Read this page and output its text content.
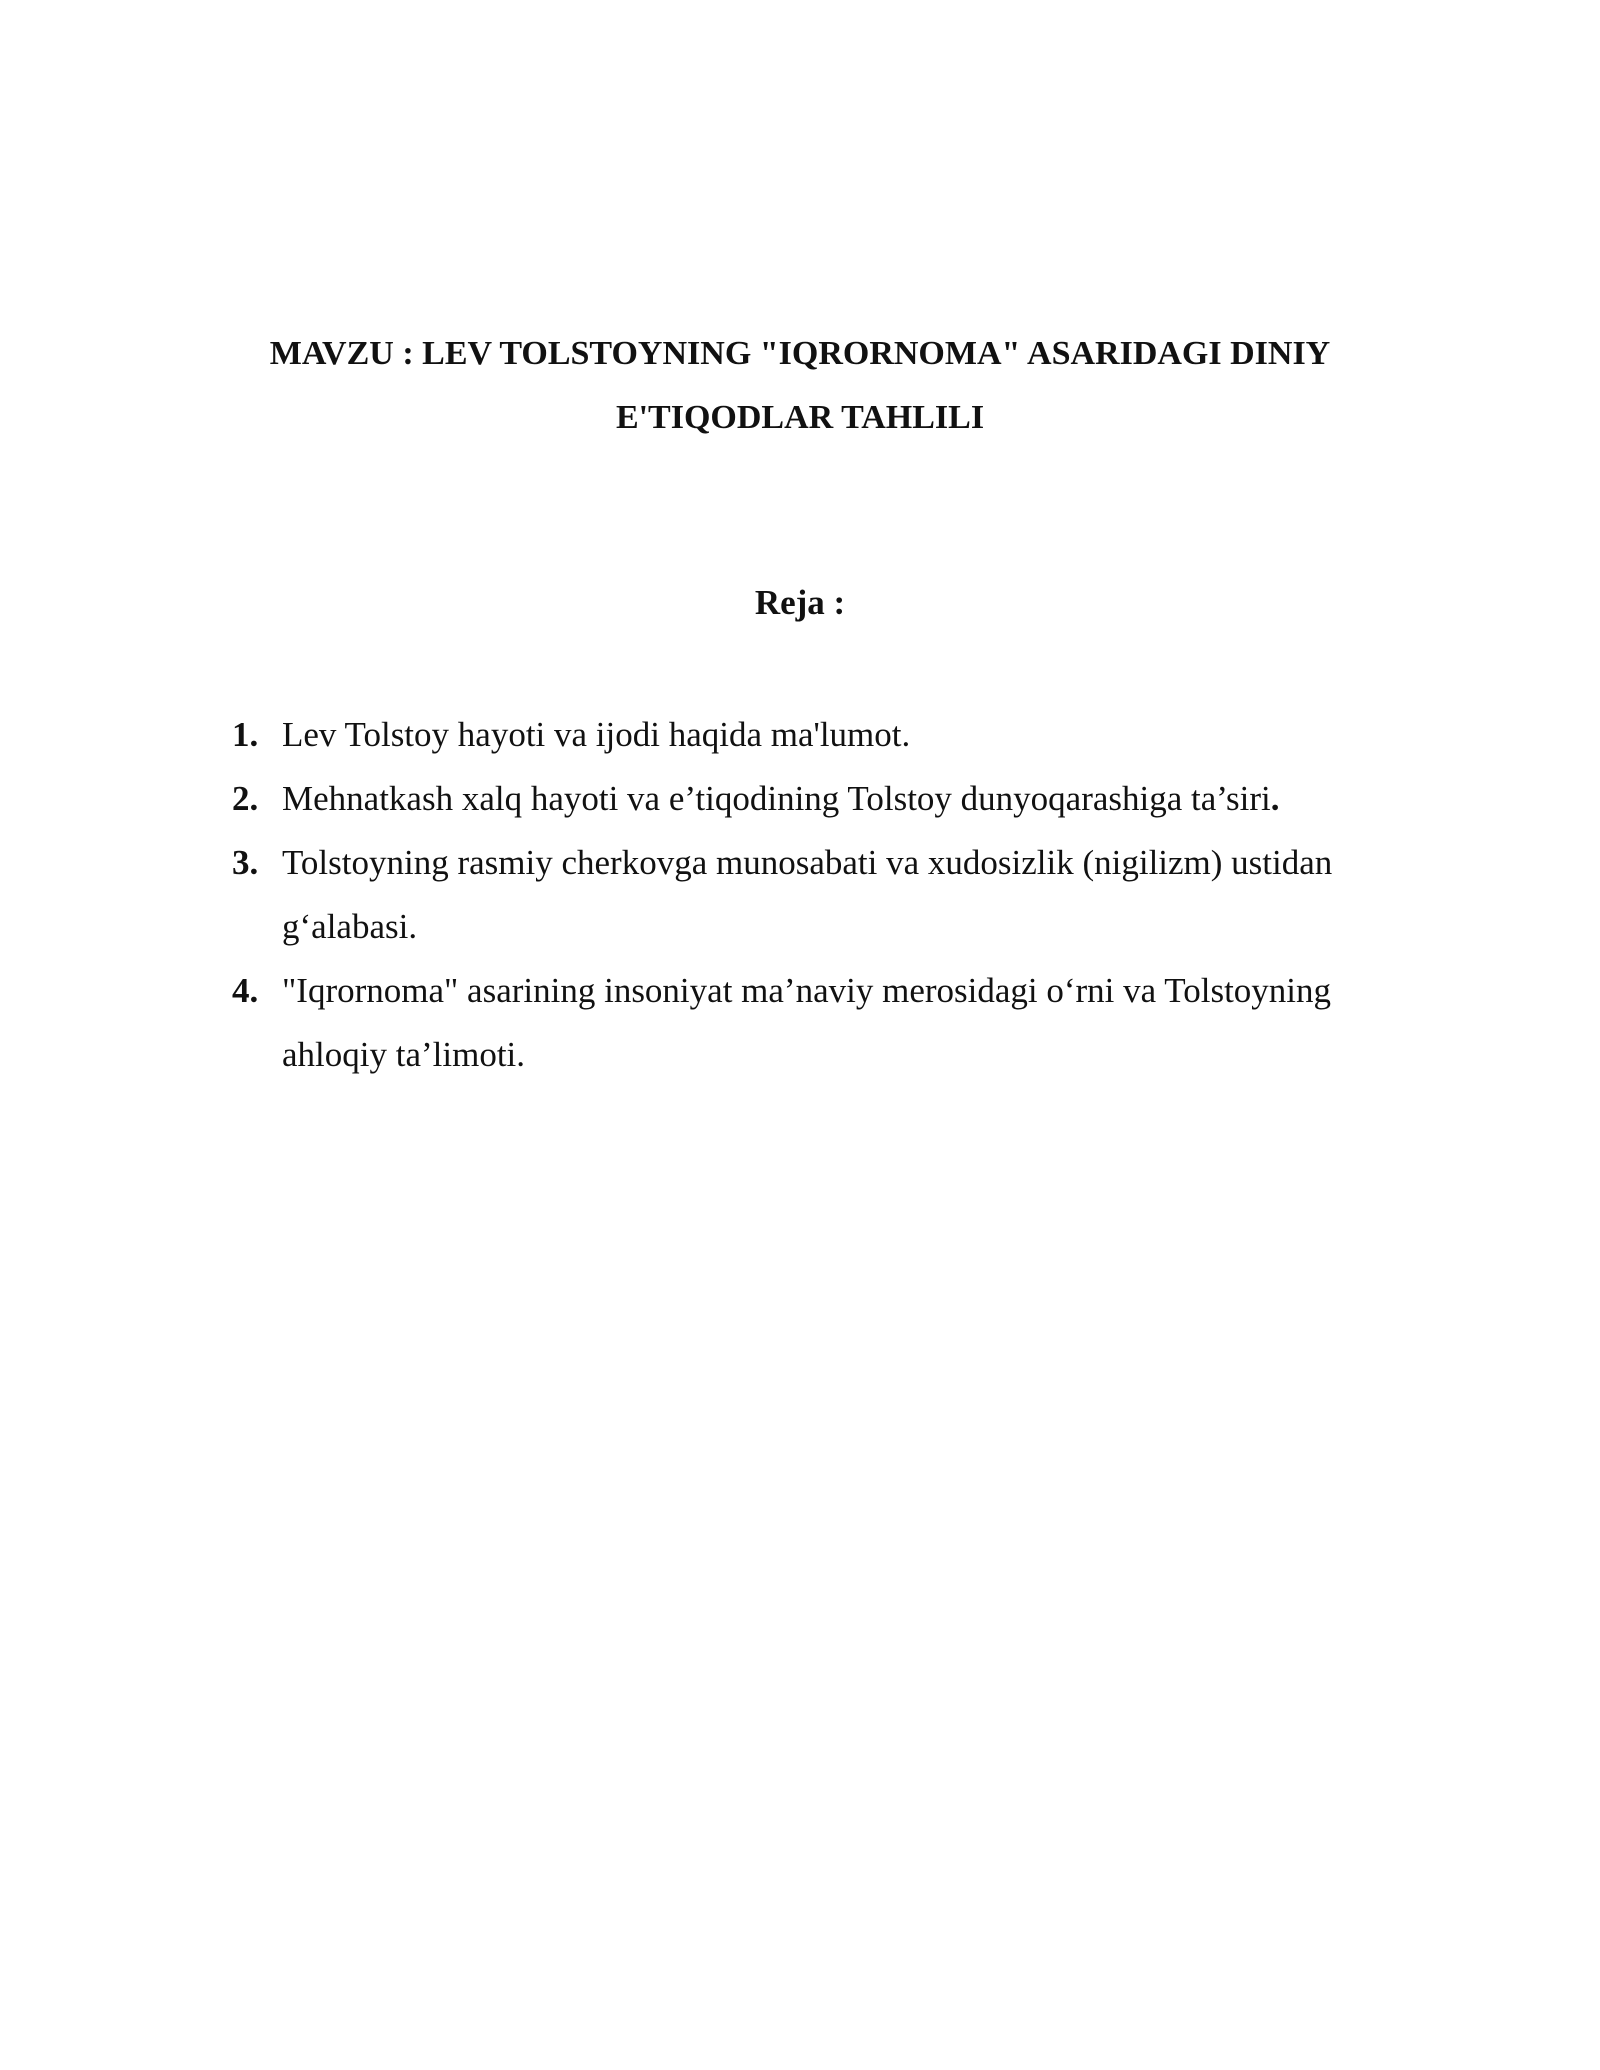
MAVZU : LEV TOLSTOYNING "IQRORNOMA" ASARIDAGI DINIY
E'TIQODLAR TAHLILI
Reja :
1. Lev Tolstoy hayoti va ijodi haqida ma'lumot.
2. Mehnatkash xalq hayoti va e’tiqodining Tolstoy dunyoqarashiga ta’siri.
3. Tolstoyning rasmiy cherkovga munosabati va xudosizlik (nigilizm) ustidan g‘alabasi.
4. "Iqrornoma" asarining insoniyat ma’naviy merosidagi o‘rni va Tolstoyning ahloqiy ta’limoti.
